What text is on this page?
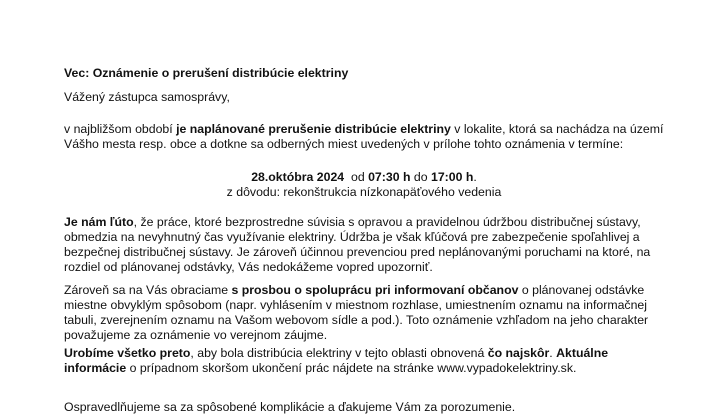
Vec: Oznámenie o prerušení distribúcie elektriny

Vážený zástupca samosprávy,

v najbližšom období je naplánované prerušenie distribúcie elektriny v lokalite, ktorá sa nachádza na území Vášho mesta resp. obce a dotkne sa odberných miest uvedených v prílohe tohto oznámenia v termíne:

28.októbra 2024  od 07:30 h do 17:00 h.
z dôvodu: rekonštrukcia nízkonapäťového vedenia

Je nám ľúto, že práce, ktoré bezprostredne súvisia s opravou a pravidelnou údržbou distribučnej sústavy, obmedzia na nevyhnutný čas využívanie elektriny. Údržba je však kľúčová pre zabezpečenie spoľahlivej a bezpečnej distribučnej sústavy. Je zároveň účinnou prevenciou pred neplánovanými poruchami na ktoré, na rozdiel od plánovanej odstávky, Vás nedokážeme vopred upozorniť.

Zároveň sa na Vás obraciame s prosbou o spoluprácu pri informovaní občanov o plánovanej odstávke miestne obvyklým spôsobom (napr. vyhlásením v miestnom rozhlase, umiestnením oznamu na informačnej tabuli, zverejnením oznamu na Vašom webovom sídle a pod.). Toto oznámenie vzhľadom na jeho charakter považujeme za oznámenie vo verejnom záujme.

Urobíme všetko preto, aby bola distribúcia elektriny v tejto oblasti obnovená čo najskôr. Aktuálne informácie o prípadnom skoršom ukončení prác nájdete na stránke www.vypadokelektriny.sk.

Ospravedlňujeme sa za spôsobené komplikácie a ďakujeme Vám za porozumenie.
